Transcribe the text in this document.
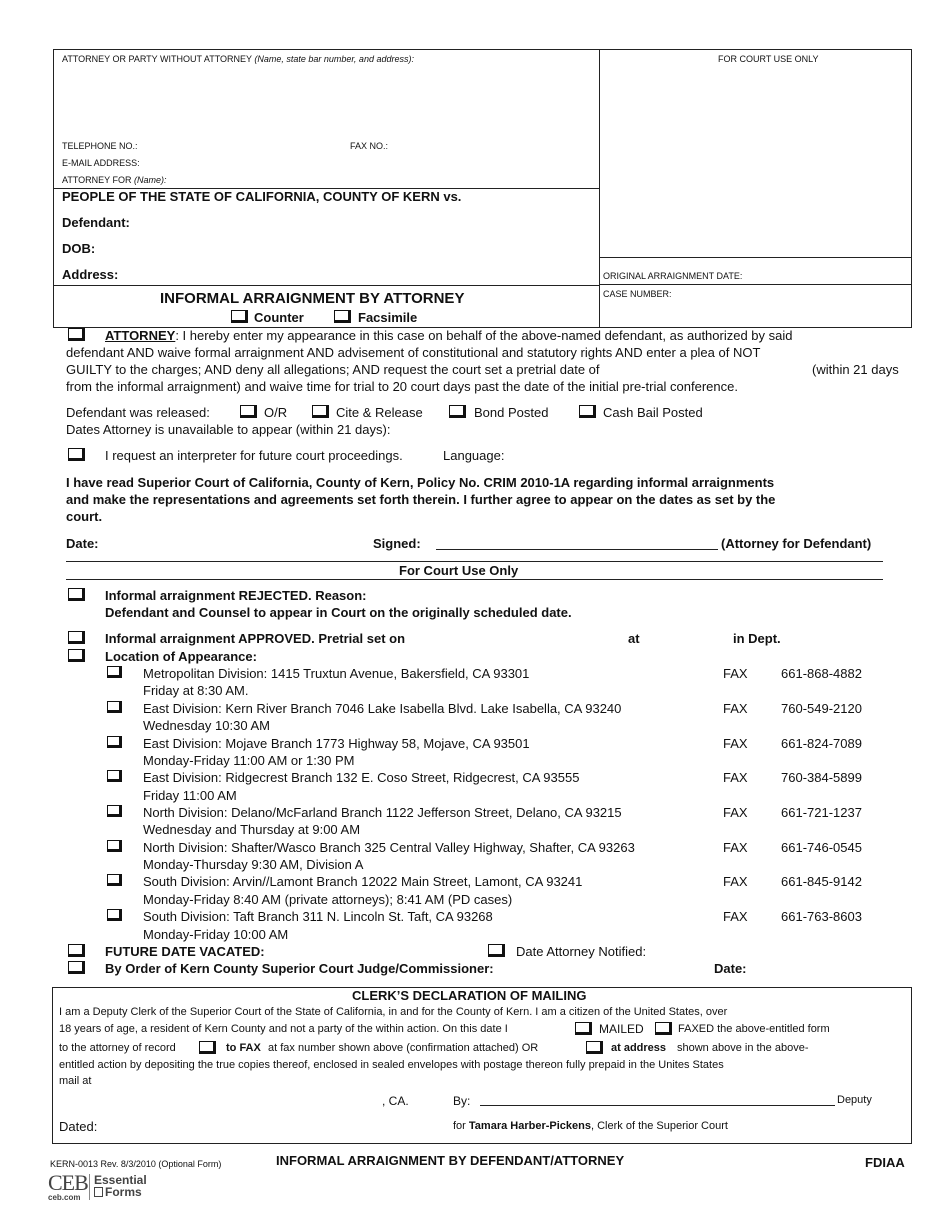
ATTORNEY OR PARTY WITHOUT ATTORNEY (Name, state bar number, and address):	FOR COURT USE ONLY
TELEPHONE NO.:	FAX NO.:
E-MAIL ADDRESS:
ATTORNEY FOR (Name):
PEOPLE OF THE STATE OF CALIFORNIA, COUNTY OF KERN vs.
Defendant:
DOB:
Address:	ORIGINAL ARRAIGNMENT DATE:
CASE NUMBER:
INFORMAL ARRAIGNMENT BY ATTORNEY
Counter	Facsimile
ATTORNEY: I hereby enter my appearance in this case on behalf of the above-named defendant, as authorized by said
defendant AND waive formal arraignment AND advisement of constitutional and statutory rights AND enter a plea of NOT
GUILTY to the charges; AND deny all allegations; AND request the court set a pretrial date of	(within 21 days
from the informal arraignment) and waive time for trial to 20 court days past the date of the initial pre-trial conference.
Defendant was released:	O/R	Cite & Release	Bond Posted	Cash Bail Posted
Dates Attorney is unavailable to appear (within 21 days):
I request an interpreter for future court proceedings.	Language:
I have read Superior Court of California, County of Kern, Policy No. CRIM 2010-1A regarding informal arraignments
and make the representations and agreements set forth therein. I further agree to appear on the dates as set by the
court.
Date:	Signed:	(Attorney for Defendant)
For Court Use Only
Informal arraignment REJECTED. Reason:
Defendant and Counsel to appear in Court on the originally scheduled date.
Informal arraignment APPROVED. Pretrial set on	at	in Dept.
Location of Appearance:
Metropolitan Division: 1415 Truxtun Avenue, Bakersfield, CA 93301	FAX	661-868-4882
Friday at 8:30 AM.
East Division: Kern River Branch 7046 Lake Isabella Blvd. Lake Isabella, CA 93240	FAX	760-549-2120
Wednesday 10:30 AM
East Division: Mojave Branch 1773 Highway 58, Mojave, CA 93501	FAX	661-824-7089
Monday-Friday 11:00 AM or 1:30 PM
East Division: Ridgecrest Branch 132 E. Coso Street, Ridgecrest, CA 93555	FAX	760-384-5899
Friday 11:00 AM
North Division: Delano/McFarland Branch 1122 Jefferson Street, Delano, CA 93215	FAX	661-721-1237
Wednesday and Thursday at 9:00 AM
North Division: Shafter/Wasco Branch 325 Central Valley Highway, Shafter, CA 93263	FAX	661-746-0545
Monday-Thursday 9:30 AM, Division A
South Division: Arvin//Lamont Branch 12022 Main Street, Lamont, CA 93241	FAX	661-845-9142
Monday-Friday 8:40 AM (private attorneys); 8:41 AM (PD cases)
South Division: Taft Branch 311 N. Lincoln St. Taft, CA 93268	FAX	661-763-8603
Monday-Friday 10:00 AM
FUTURE DATE VACATED:	Date Attorney Notified:
By Order of Kern County Superior Court Judge/Commissioner:	Date:
CLERK’S DECLARATION OF MAILING
I am a Deputy Clerk of the Superior Court of the State of California, in and for the County of Kern. I am a citizen of the United States, over
18 years of age, a resident of Kern County and not a party of the within action. On this date I	MAILED	FAXED the above-entitled form
to the attorney of record	to FAX at fax number shown above (confirmation attached) OR	at address shown above in the above-
entitled action by depositing the true copies thereof, enclosed in sealed envelopes with postage thereon fully prepaid in the Unites States
mail at
, CA.	By:	Deputy
Dated:	for Tamara Harber-Pickens, Clerk of the Superior Court
KERN-0013 Rev. 8/3/2010 (Optional Form)	INFORMAL ARRAIGNMENT BY DEFENDANT/ATTORNEY	FDIAA
CEB
ceb.com
Essential
Forms
